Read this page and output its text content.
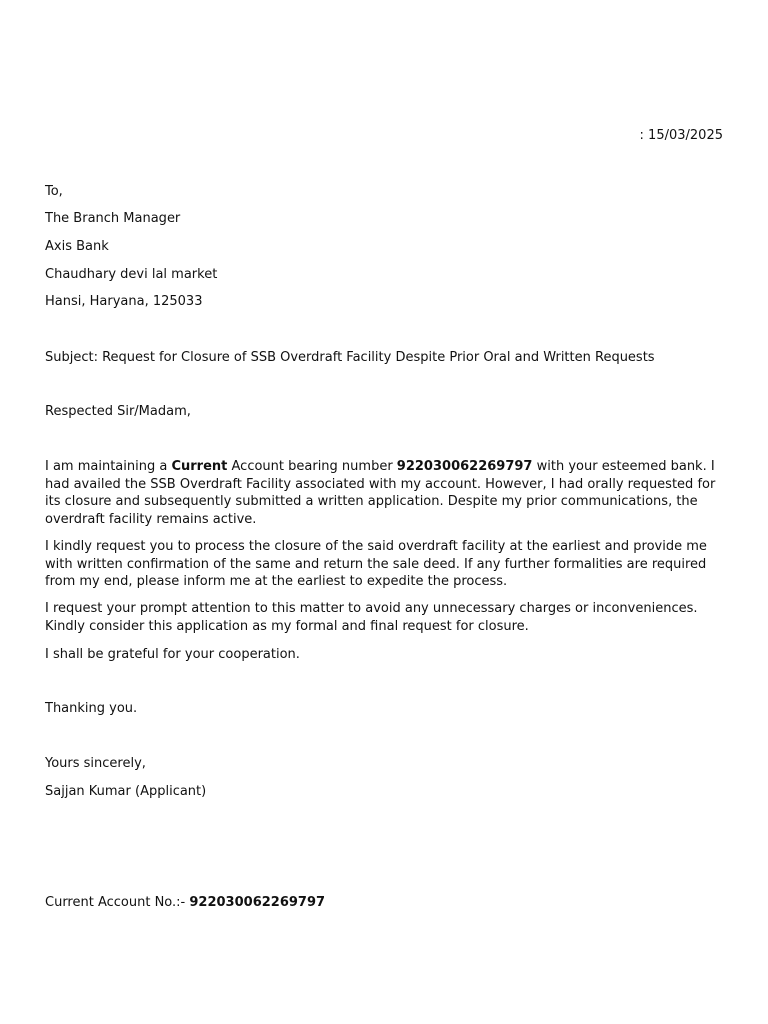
: 15/03/2025
To,
The Branch Manager
Axis Bank
Chaudhary devi lal market
Hansi, Haryana, 125033
Subject: Request for Closure of SSB Overdraft Facility Despite Prior Oral and Written Requests
Respected Sir/Madam,

I am maintaining a Current Account bearing number 922030062269797 with your esteemed bank. I had availed the SSB Overdraft Facility associated with my account. However, I had orally requested for its closure and subsequently submitted a written application. Despite my prior communications, the overdraft facility remains active.

I kindly request you to process the closure of the said overdraft facility at the earliest and provide me with written confirmation of the same and return the sale deed. If any further formalities are required from my end, please inform me at the earliest to expedite the process.

I request your prompt attention to this matter to avoid any unnecessary charges or inconveniences. Kindly consider this application as my formal and final request for closure.

I shall be grateful for your cooperation.

Thanking you.
Yours sincerely,
Sajjan Kumar (Applicant)
Current Account No.:- 922030062269797
